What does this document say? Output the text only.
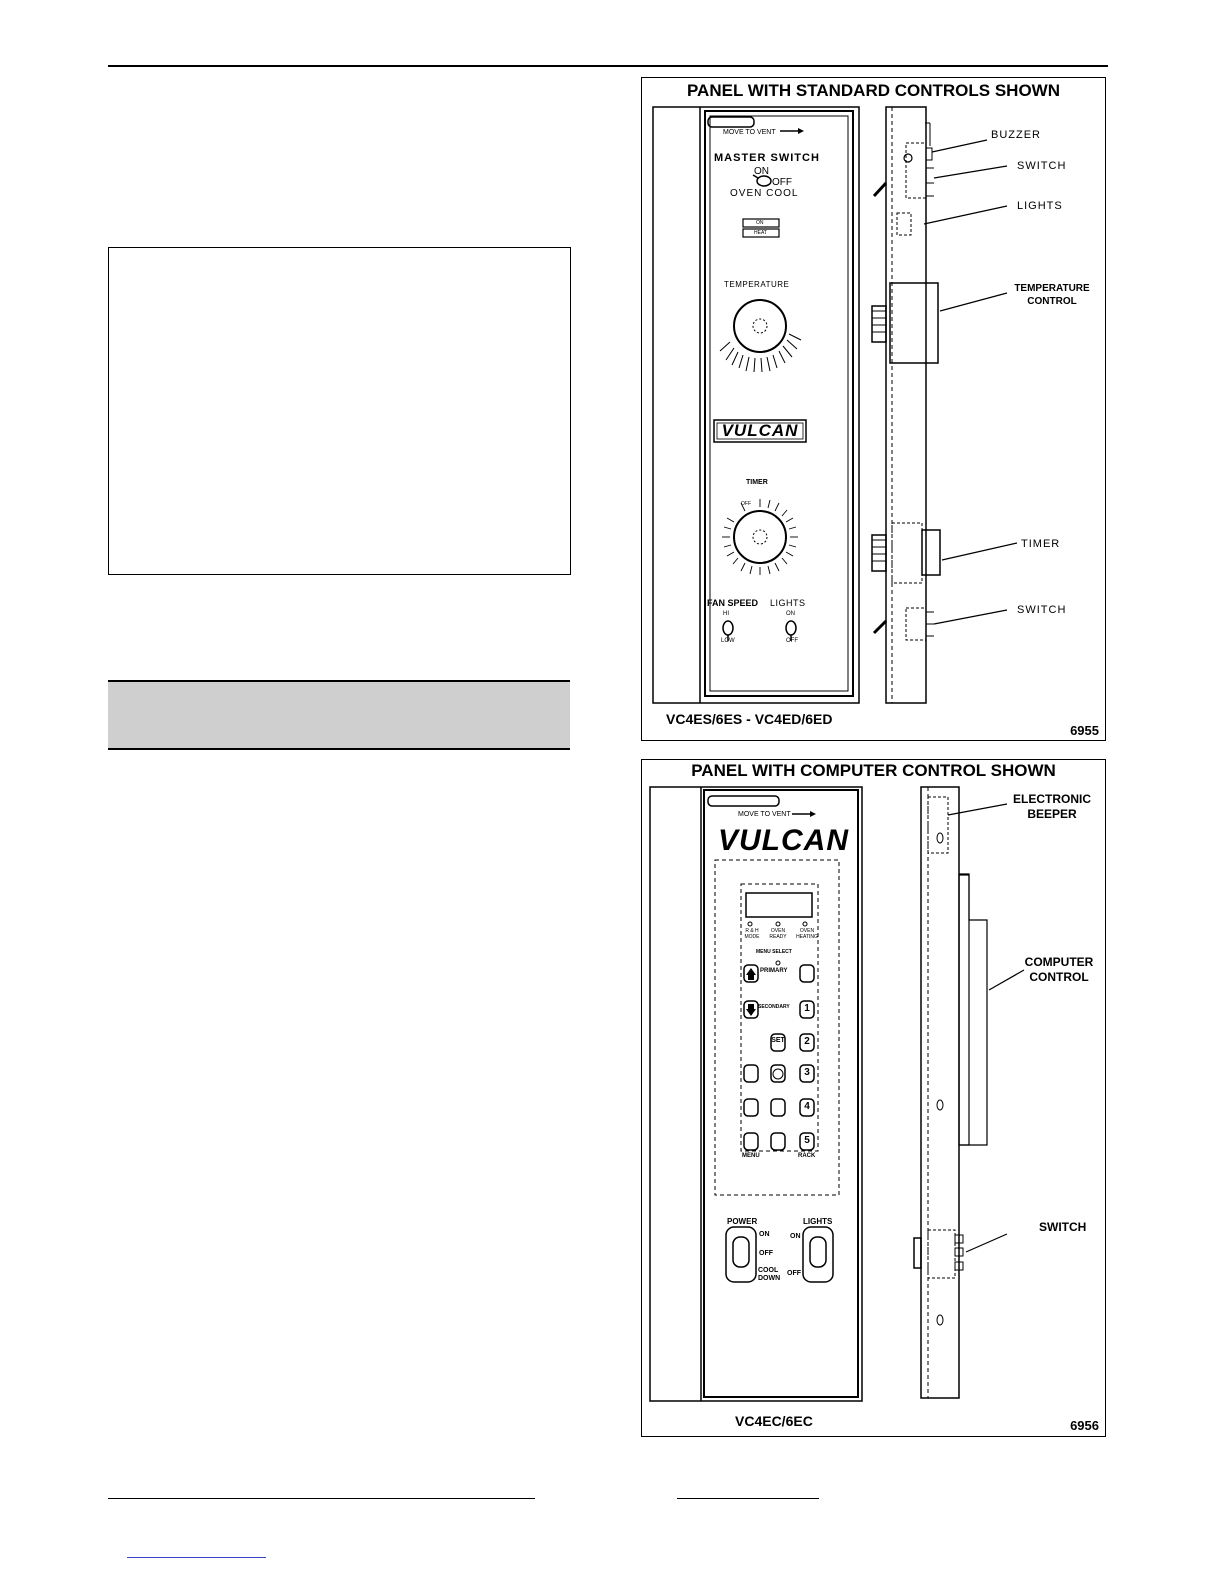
PANEL WITH STANDARD CONTROLS SHOWN
MOVE TO VENT
MASTER SWITCH
ON
OFF
OVEN COOL
ON
HEAT
TEMPERATURE
VULCAN
TIMER
OFF
FAN SPEED
HI
LOW
LIGHTS
ON
OFF
BUZZER
SWITCH
LIGHTS
TEMPERATURE
CONTROL
TIMER
SWITCH
VC4ES/6ES - VC4ED/6ED
6955
PANEL WITH COMPUTER CONTROL SHOWN
MOVE TO VENT
VULCAN
R & H MODE
OVEN READY
OVEN HEATING
MENU SELECT
PRIMARY
SECONDARY
SET
1
2
3
4
5
MENU	RACK
POWER
ON
OFF
COOL
DOWN
LIGHTS
ON
OFF
ELECTRONIC
BEEPER
COMPUTER
CONTROL
SWITCH
VC4EC/6EC	6956
